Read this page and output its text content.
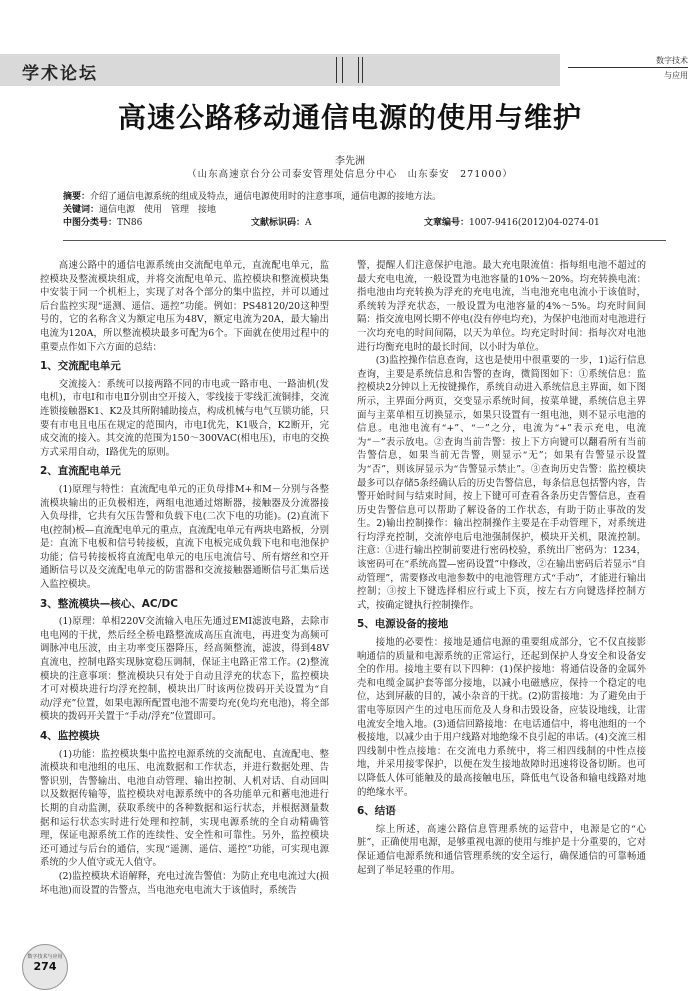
学术论坛
数字技术
与应用
高速公路移动通信电源的使用与维护
李先洲
（山东高速京台分公司泰安管理处信息分中心　山东泰安　271000）
摘要：介绍了通信电源系统的组成及特点，通信电源使用时的注意事项，通信电源的接地方法。
关键词：通信电源　使用　管理　接地
中图分类号：TN86	文献标识码：A	文章编号：1007-9416(2012)04-0274-01

高速公路中的通信电源系统由交流配电单元，直流配电单元，监控模块及整流模块组成，并将交流配电单元、监控模块和整流模块集中安装于同一个机柜上，实现了对各个部分的集中监控，并可以通过后台监控实现“遥测、遥信、遥控”功能。例如：PS48120/20这种型号的，它的名称含义为额定电压为48V，额定电流为20A，最大输出电流为120A，所以整流模块最多可配为6个。下面就在使用过程中的重要点作如下六方面的总结：

1、交流配电单元

交流接入：系统可以接两路不同的市电或一路市电、一路油机(发电机)，市电Ⅰ和市电Ⅱ分别由空开接入，零线接于零线汇流铜排，交流连锁接触器K1、K2及其所附辅助接点，构成机械与电气互锁功能，只要有市电且电压在规定的范围内，市电Ⅰ优先，K1吸合，K2断开，完成交流的接入。其交流的范围为150～300VAC(相电压)，市电的交换方式采用自动，Ⅰ路优先的原则。

2、直流配电单元

(1)原理与特性：直流配电单元的正负母排M+和M－分别与各整流模块输出的正负极相连，两组电池通过熔断器，接触器及分流器接入负母排，它共有欠压告警和负载下电(二次下电的功能)。(2)直流下电(控制)板—直流配电单元的重点，直流配电单元有两块电路板，分别是：直流下电板和信号转接板，直流下电板完成负载下电和电池保护功能；信号转接板将直流配电单元的电压电流信号、所有熔丝和空开通断信号以及交流配电单元的防雷器和交流接触器通断信号汇集后送入监控模块。

3、整流模块—核心、AC/DC

(1)原理：单相220V交流输入电压先通过EMI滤波电路，去除市电电网的干扰，然后经全桥电路整流成高压直流电，再进变为高频可调脉冲电压波，由主功率变压器降压，经高频整流，滤波，得到48V直流电，控制电路实现脉宽稳压调制，保证主电路正常工作。(2)整流模块的注意事项：整流模块只有处于自动且浮充的状态下，监控模块才可对模块进行均浮充控制，模块出厂时该两位拨码开关设置为“自动/浮充”位置，如果电源所配置电池不需要均充(免均充电池)，将全部模块的拨码开关置于“手动/浮充”位置即可。

4、监控模块

(1)功能：监控模块集中监控电源系统的交流配电、直流配电、整流模块和电池组的电压、电流数据和工作状态，并进行数据处理、告警识别，告警输出、电池自动管理、输出控制、人机对话、自动回叫以及数据传输等，监控模块对电源系统中的各功能单元和蓄电池进行长期的自动监测，获取系统中的各种数据和运行状态，并根据测量数据和运行状态实时进行处理和控制，实现电源系统的全自动精确管理，保证电源系统工作的连续性、安全性和可靠性。另外，监控模块还可通过与后台的通信，实现“遥测、遥信、遥控”功能，可实现电源系统的少人值守或无人值守。

(2)监控模块术语解释，充电过流告警值：为防止充电电流过大(损坏电池)而设置的告警点，当电池充电电流大于该值时，系统告

警，提醒人们注意保护电池。最大充电限流值：指每组电池不超过的最大充电电流，一般设置为电池容量的10%～20%。均充转换电流：指电池由均充转换为浮充的充电电流，当电池充电电流小于该值时，系统转为浮充状态，一般设置为电池容量的4%～5%。均充时间间隔：指交流电网长期不停电(没有停电均充)，为保护电池而对电池进行一次均充电的时间间隔，以天为单位。均充定时时间：指每次对电池进行均衡充电时的最长时间，以小时为单位。

(3)监控操作信息查询，这也是使用中很重要的一步，1)运行信息查询，主要是系统信息和告警的查询，微简图如下：①系统信息：监控模块2分钟以上无按键操作，系统自动进入系统信息主界面，如下图所示，主界面分两页，交变显示系统时间，按菜单键，系统信息主界面与主菜单相互切换显示，如果只设置有一组电池，则不显示电池的信息。电池电流有“+”、“－”之分，电流为“+”表示充电，电流为“－”表示放电。②查询当前告警：按上下方向键可以翻看所有当前告警信息，如果当前无告警，则显示“无”；如果有告警显示设置为“否”，则该屏显示为“告警显示禁止”。③查询历史告警：监控模块最多可以存储5条经确认后的历史告警信息，每条信息包括警内容，告警开始时间与结束时间，按上下键可可查看各条历史告警信息，查看历史告警信息可以帮助了解设备的工作状态，有助于防止事故的发生。2)输出控制操作：输出控制操作主要是在手动管理下，对系统进行均浮充控制，交流停电后电池强制保护，模块开关机，限流控制。注意：①进行输出控制前要进行密码校验，系统出厂密码为：1234，该密码可在“系统高置—密码设置”中修改，②在输出密码后若显示“自动管理”，需要修改电池参数中的电池管理方式“手动”，才能进行输出控制；③按上下键选择相应行或上下页，按左右方向键选择控制方式，按确定键执行控制操作。

5、电源设备的接地

接地的必要性：接地是通信电源的重要组成部分，它不仅直接影响通信的质量和电源系统的正常运行，还起到保护人身安全和设备安全的作用。接地主要有以下四种：(1)保护接地：将通信设备的金属外壳和电缆金属护套等部分接地，以减小电磁感应，保持一个稳定的电位，达到屏蔽的目的，减小杂音的干扰。(2)防雷接地：为了避免由于雷电等原因产生的过电压而危及人身和击毁设备，应装设地线，让雷电流安全地入地。(3)通信回路接地：在电话通信中，将电池组的一个极接地，以减少由于用户线路对地绝缘不良引起的串话。(4)交流三相四线制中性点接地：在交流电力系统中，将三相四线制的中性点接地，并采用接零保护，以便在发生接地故障时迅速将设备切断。也可以降低人体可能触及的最高接触电压，降低电气设备和输电线路对地的绝缘水平。

6、结语

综上所述，高速公路信息管理系统的运营中，电源是它的“心脏”，正确使用电源，是够重视电源的使用与维护是十分重要的，它对保证通信电源系统和通信管理系统的安全运行，确保通信的可靠畅通起到了举足轻重的作用。

数字技术与应用
274
